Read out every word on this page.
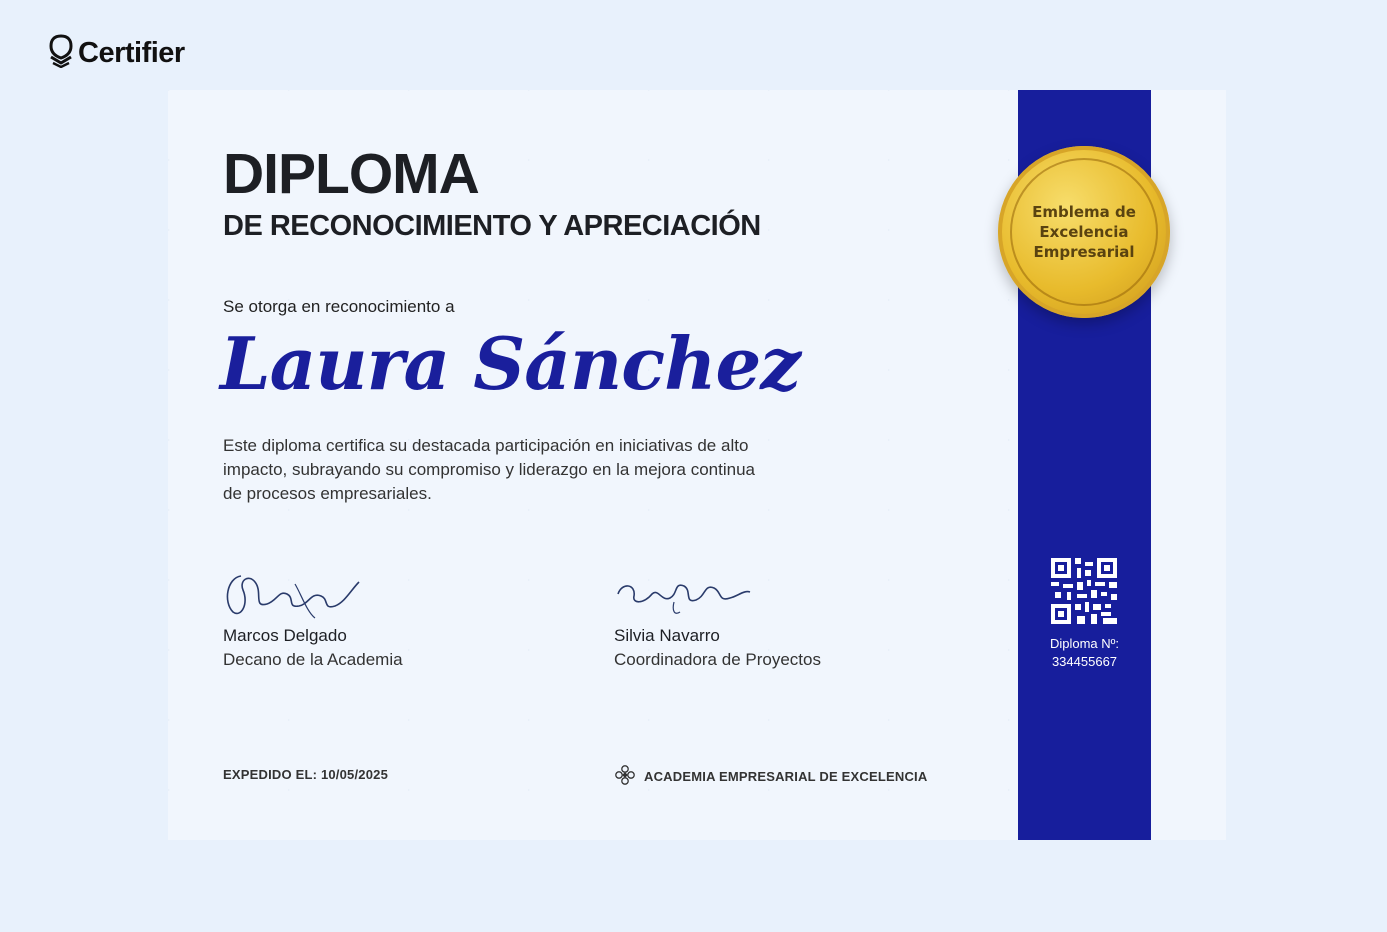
Certifier
DIPLOMA
DE RECONOCIMIENTO Y APRECIACIÓN
Se otorga en reconocimiento a
Laura Sánchez
Este diploma certifica su destacada participación en iniciativas de alto impacto, subrayando su compromiso y liderazgo en la mejora continua de procesos empresariales.
Marcos Delgado
Decano de la Academia
Silvia Navarro
Coordinadora de Proyectos
EXPEDIDO EL: 10/05/2025	ACADEMIA EMPRESARIAL DE EXCELENCIA
Emblema de Excelencia Empresarial
Diploma Nº:
334455667
